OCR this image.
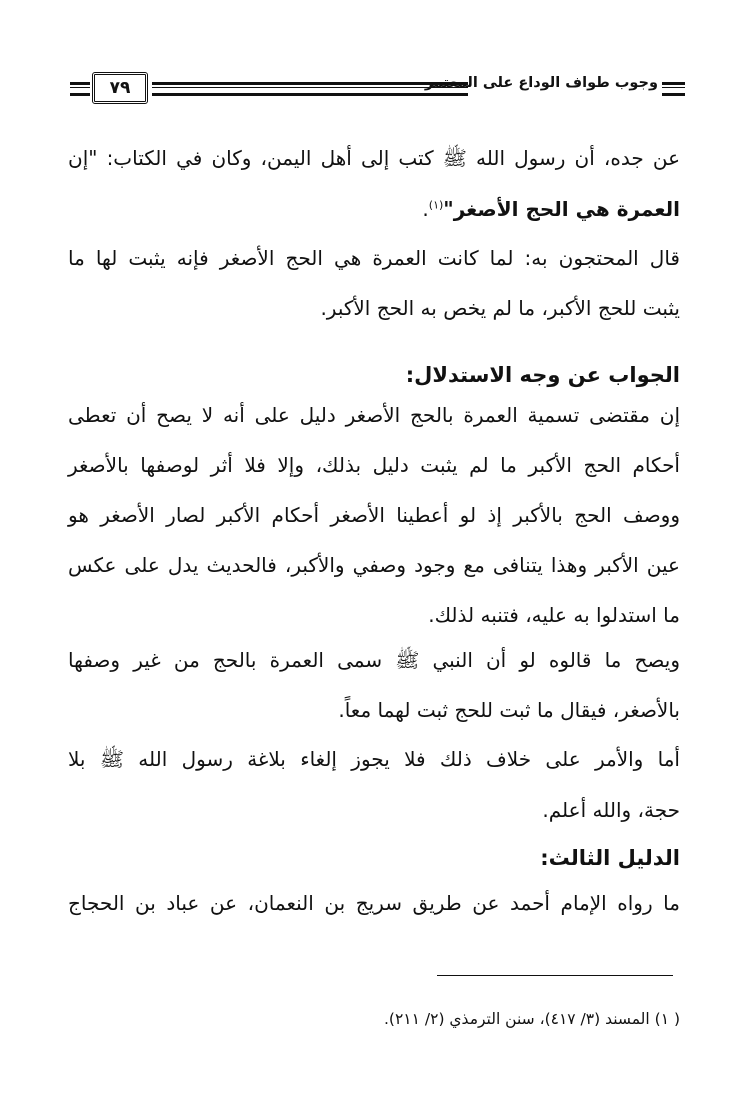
٧٩	وجوب طواف الوداع على المعتمر
عن جده، أن رسول الله ﷺ كتب إلى أهل اليمن، وكان في الكتاب: "إن
العمرة هي الحج الأصغر"$^{(١)}$.
قال المحتجون به: لما كانت العمرة هي الحج الأصغر فإنه يثبت لها ما
يثبت للحج الأكبر، ما لم يخص به الحج الأكبر.
الجواب عن وجه الاستدلال:
إن مقتضى تسمية العمرة بالحج الأصغر دليل على أنه لا يصح أن تعطى
أحكام الحج الأكبر ما لم يثبت دليل بذلك، وإلا فلا أثر لوصفها بالأصغر
ووصف الحج بالأكبر إذ لو أعطينا الأصغر أحكام الأكبر لصار الأصغر هو
عين الأكبر وهذا يتنافى مع وجود وصفي والأكبر، فالحديث يدل على عكس
ما استدلوا به عليه، فتنبه لذلك.
ويصح ما قالوه لو أن النبي ﷺ سمى العمرة بالحج من غير وصفها
بالأصغر، فيقال ما ثبت للحج ثبت لهما معاً.
أما والأمر على خلاف ذلك فلا يجوز إلغاء بلاغة رسول الله ﷺ بلا
حجة، والله أعلم.
الدليل الثالث:
ما رواه الإمام أحمد عن طريق سريج بن النعمان، عن عباد بن الحجاج
( ١) المسند (٣/ ٤١٧)، سنن الترمذي (٢/ ٢١١).
